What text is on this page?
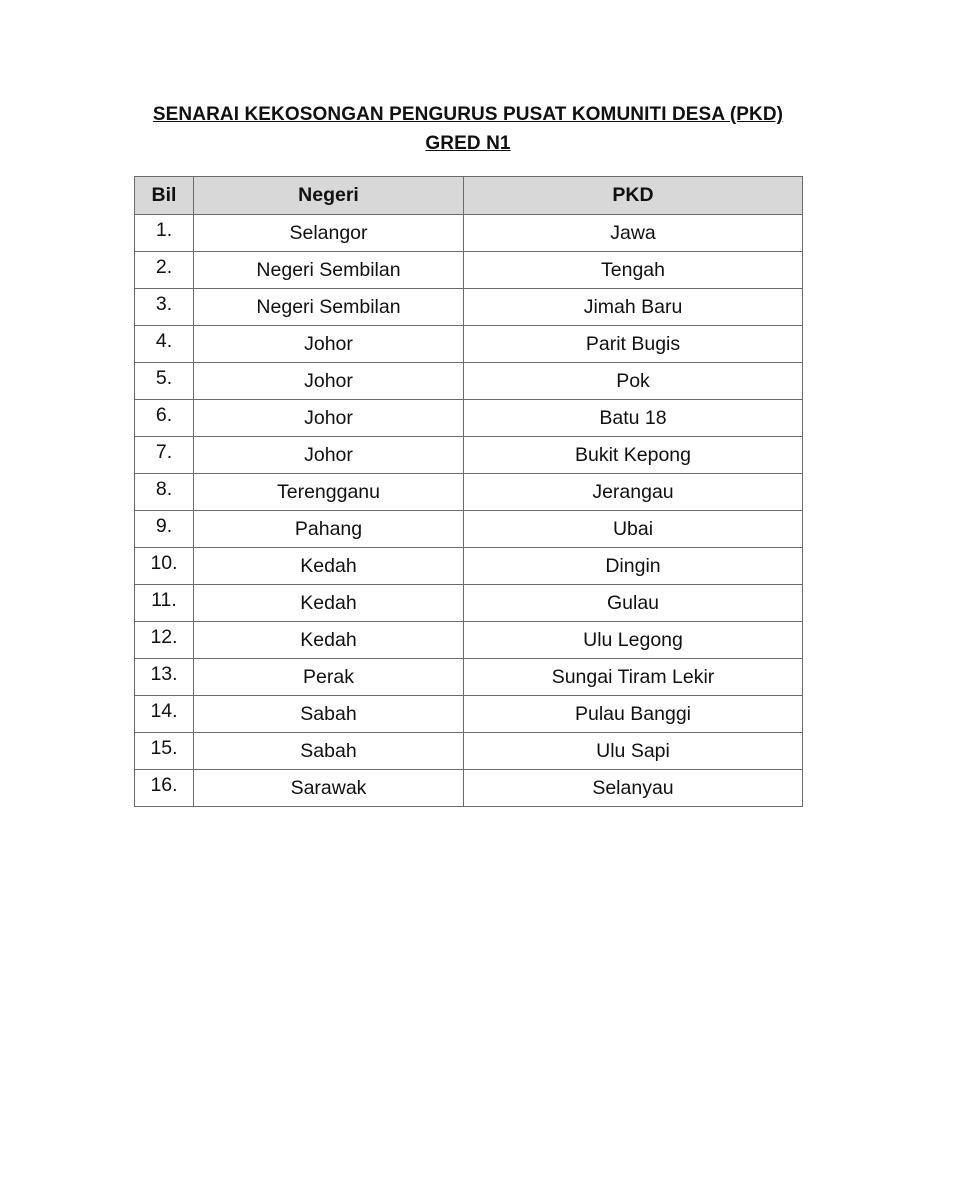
SENARAI KEKOSONGAN PENGURUS PUSAT KOMUNITI DESA (PKD)
GRED N1
Bil	Negeri	PKD
1.	Selangor	Jawa
2.	Negeri Sembilan	Tengah
3.	Negeri Sembilan	Jimah Baru
4.	Johor	Parit Bugis
5.	Johor	Pok
6.	Johor	Batu 18
7.	Johor	Bukit Kepong
8.	Terengganu	Jerangau
9.	Pahang	Ubai
10.	Kedah	Dingin
11.	Kedah	Gulau
12.	Kedah	Ulu Legong
13.	Perak	Sungai Tiram Lekir
14.	Sabah	Pulau Banggi
15.	Sabah	Ulu Sapi
16.	Sarawak	Selanyau
